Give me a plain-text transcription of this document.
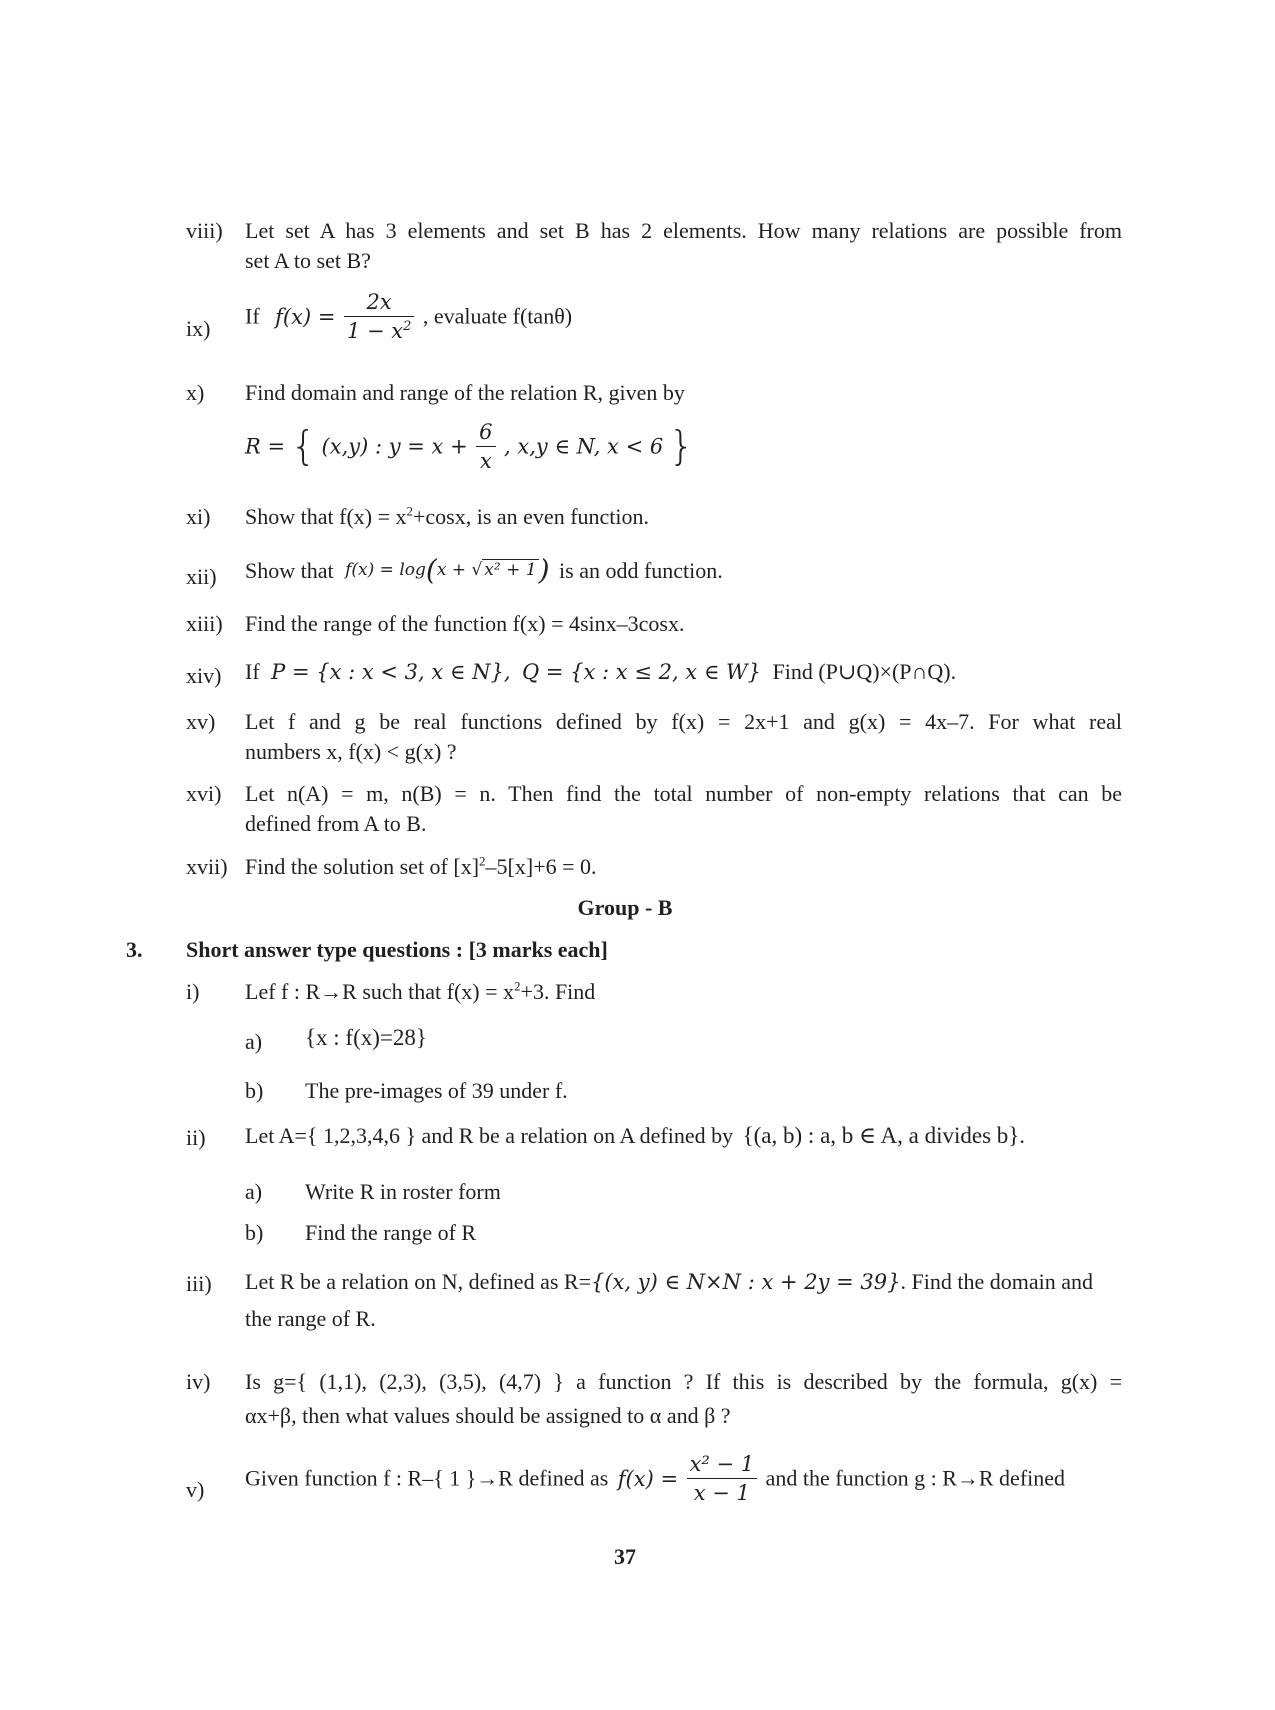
viii) Let set A has 3 elements and set B has 2 elements. How many relations are possible from
set A to set B?
ix) If $f(x) = \frac{2x}{1 - x^2}$ , evaluate f(tanθ)
x) Find domain and range of the relation R, given by
R = { (x,y) : $y = x + \frac{6}{x}$ , x,y ∈ N, x < 6 }
xi) Show that $f(x) = x^2+\cos x$, is an even function.
xii) Show that f(x) = log(x + √ x² + 1) is an odd function.
xiii) Find the range of the function f(x) = 4sinx–3cosx.
xiv) If P = {x : x < 3, x ∈ N}, Q = {x : x ≤ 2, x ∈ W} Find (P∪Q)×(P∩Q).
xv) Let f and g be real functions defined by f(x) = 2x+1 and g(x) = 4x–7. For what real
numbers x, f(x) < g(x) ?
xvi) Let n(A) = m, n(B) = n. Then find the total number of non-empty relations that can be
defined from A to B.
xvii) Find the solution set of $[x]^2-5[x]+6 = 0$.
Group - B
3. Short answer type questions : [3 marks each]
i) Lef f : R→R such that $f(x) = x^2+3$. Find
a) {x : f(x)=28}
b) The pre-images of 39 under f.
ii) Let A={ 1,2,3,4,6 } and R be a relation on A defined by {(a, b) : a, b ∈ A, a divides b}.
a) Write R in roster form
b) Find the range of R
iii) Let R be a relation on N, defined as R={(x, y) ∈ N×N : x + 2y = 39}. Find the domain and
the range of R.
iv) Is g={ (1,1), (2,3), (3,5), (4,7) } a function ? If this is described by the formula, g(x) =
αx+β, then what values should be assigned to α and β ?
v) Given function f : R–{ 1 }→R defined as $f(x) = \frac{\text{x² − 1}}{x - 1}$ and the function g : R→R defined
37
